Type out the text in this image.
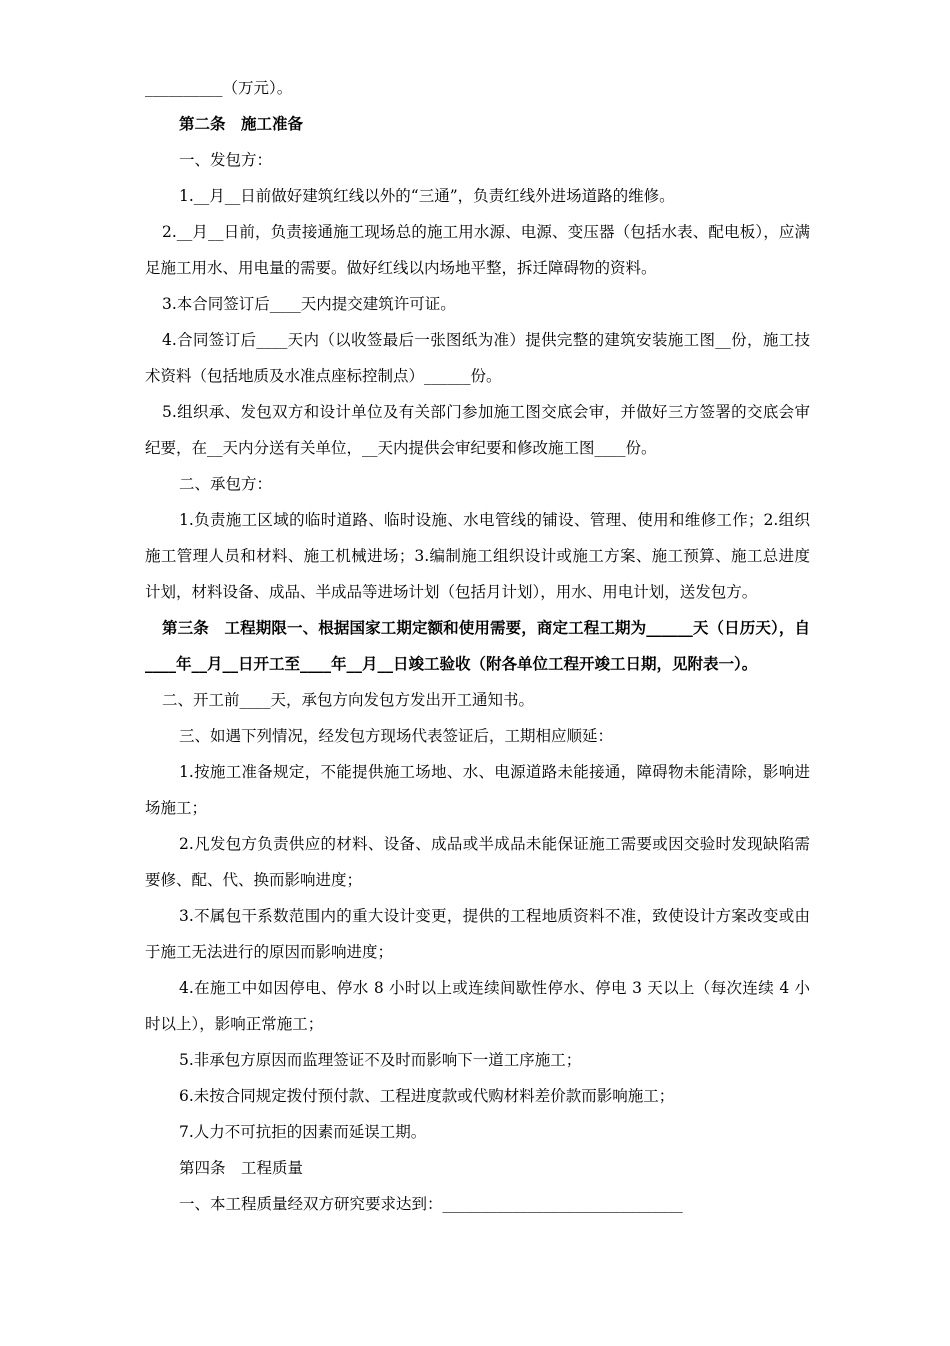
__________（万元）。

第二条　施工准备

一、发包方：

1.__月__日前做好建筑红线以外的“三通”，负责红线外进场道路的维修。

2.__月__日前，负责接通施工现场总的施工用水源、电源、变压器（包括水表、配电板），应满足施工用水、用电量的需要。做好红线以内场地平整，拆迁障碍物的资料。

3.本合同签订后____天内提交建筑许可证。

4.合同签订后____天内（以收签最后一张图纸为准）提供完整的建筑安装施工图__份，施工技术资料（包括地质及水准点座标控制点）______份。

5.组织承、发包双方和设计单位及有关部门参加施工图交底会审，并做好三方签署的交底会审纪要，在__天内分送有关单位，__天内提供会审纪要和修改施工图____份。

二、承包方：

1.负责施工区域的临时道路、临时设施、水电管线的铺设、管理、使用和维修工作；2.组织施工管理人员和材料、施工机械进场；3.编制施工组织设计或施工方案、施工预算、施工总进度计划，材料设备、成品、半成品等进场计划（包括月计划），用水、用电计划，送发包方。

第三条　工程期限一、根据国家工期定额和使用需要，商定工程工期为______天（日历天），自____年__月__日开工至____年__月__日竣工验收（附各单位工程开竣工日期，见附表一）。

二、开工前____天，承包方向发包方发出开工通知书。

三、如遇下列情况，经发包方现场代表签证后，工期相应顺延：

1.按施工准备规定，不能提供施工场地、水、电源道路未能接通，障碍物未能清除，影响进场施工；

2.凡发包方负责供应的材料、设备、成品或半成品未能保证施工需要或因交验时发现缺陷需要修、配、代、换而影响进度；

3.不属包干系数范围内的重大设计变更，提供的工程地质资料不准，致使设计方案改变或由于施工无法进行的原因而影响进度；

4.在施工中如因停电、停水 8 小时以上或连续间歇性停水、停电 3 天以上（每次连续 4 小时以上），影响正常施工；

5.非承包方原因而监理签证不及时而影响下一道工序施工；

6.未按合同规定拨付预付款、工程进度款或代购材料差价款而影响施工；

7.人力不可抗拒的因素而延误工期。

第四条　工程质量

一、本工程质量经双方研究要求达到：_______________________________
